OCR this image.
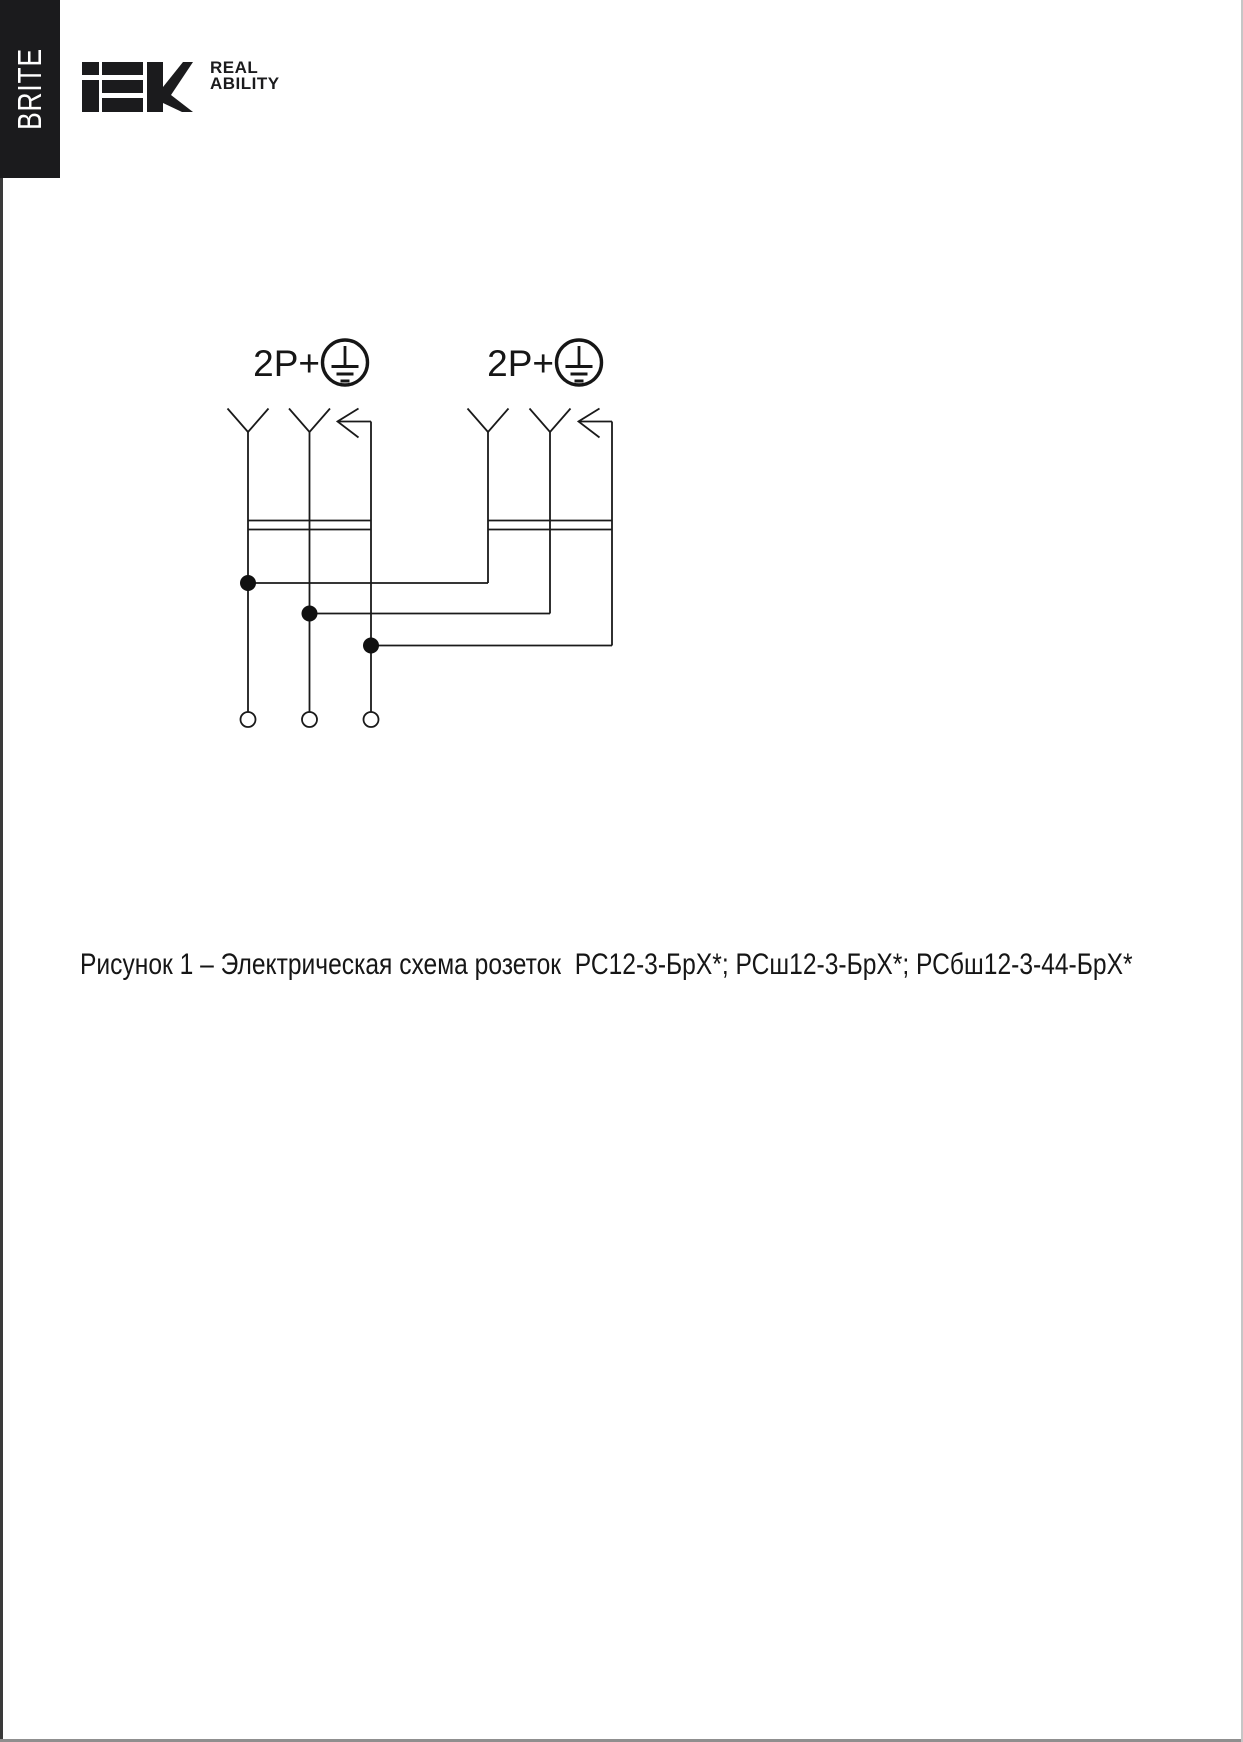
BRITE	REAL
ABILITY
2P+	2P+
Рисунок 1 – Электрическая схема розеток  РС12-3-БрХ*; РСш12-3-БрХ*; РСбш12-3-44-БрХ*
